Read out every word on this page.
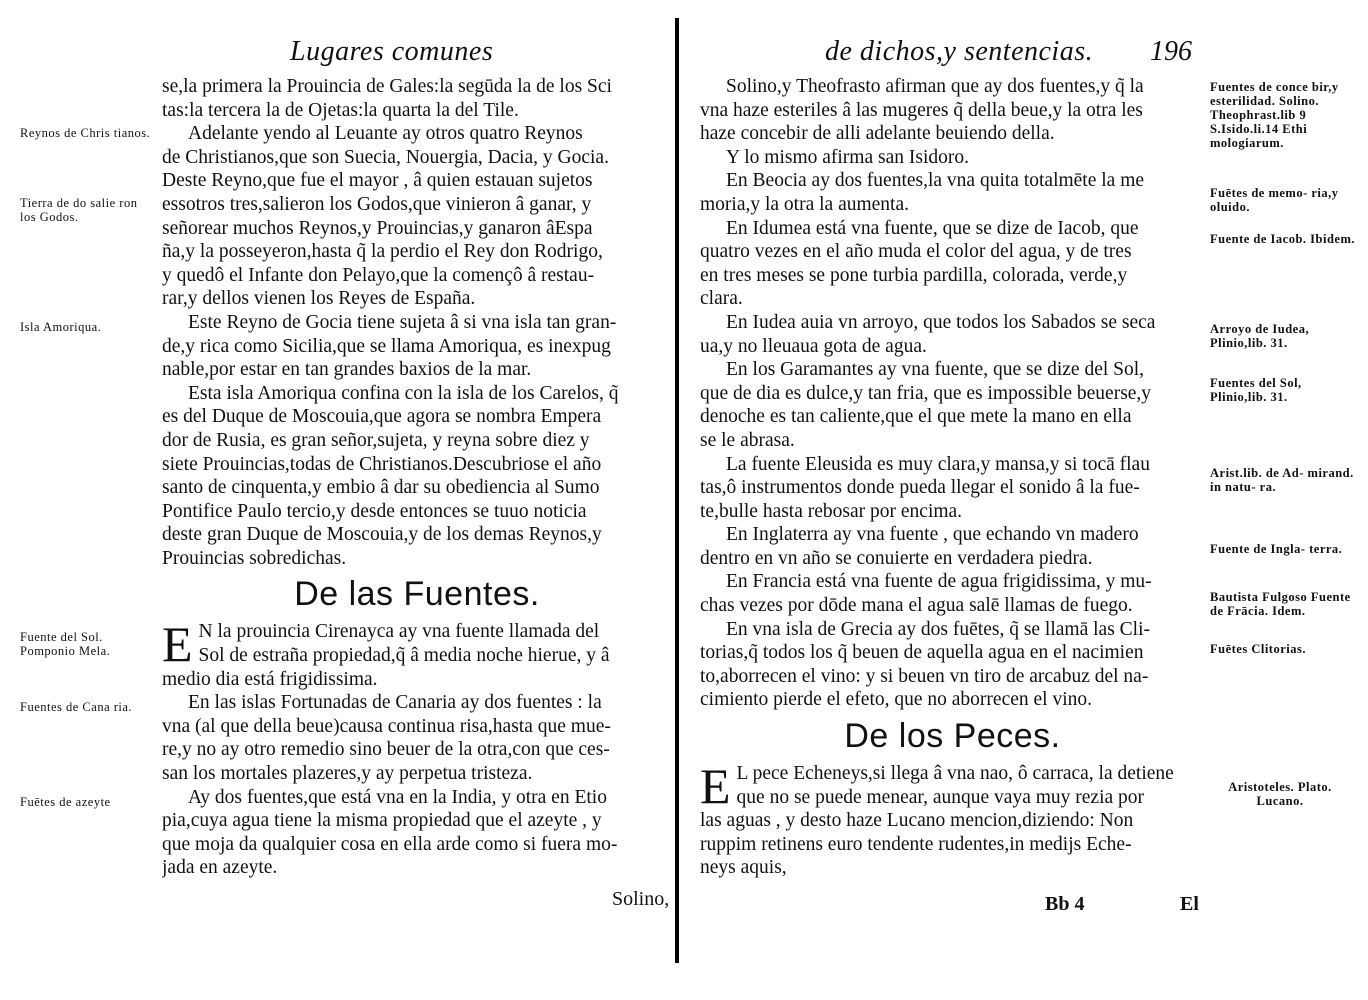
Lugares comunes

se,la primera la Prouincia de Gales:la segūda la de los Sci
tas:la tercera la de Ojetas:la quarta la del Tile.

Adelante yendo al Leuante ay otros quatro Reynos
de Christianos,que son Suecia, Nouergia, Dacia, y Gocia.
Deste Reyno,que fue el mayor , â quien estauan sujetos
essotros tres,salieron los Godos,que vinieron â ganar, y
señorear muchos Reynos,y Prouincias,y ganaron âEspa
ña,y la posseyeron,hasta q̃ la perdio el Rey don Rodrigo,
y quedô el Infante don Pelayo,que la començô â restau-
rar,y dellos vienen los Reyes de España.

Este Reyno de Gocia tiene sujeta â si vna isla tan gran-
de,y rica como Sicilia,que se llama Amoriqua, es inexpug
nable,por estar en tan grandes baxios de la mar.

Esta isla Amoriqua confina con la isla de los Carelos, q̃
es del Duque de Moscouia,que agora se nombra Empera
dor de Rusia, es gran señor,sujeta, y reyna sobre diez y
siete Prouincias,todas de Christianos.Descubriose el año
santo de cinquenta,y embio â dar su obediencia al Sumo
Pontifice Paulo tercio,y desde entonces se tuuo noticia
deste gran Duque de Moscouia,y de los demas Reynos,y
Prouincias sobredichas.

De las Fuentes.

E N la prouincia Cirenayca ay vna fuente llamada del
Sol de estraña propiedad,q̃ â media noche hierue, y â
medio dia está frigidissima.

En las islas Fortunadas de Canaria ay dos fuentes : la
vna (al que della beue)causa continua risa,hasta que mue-
re,y no ay otro remedio sino beuer de la otra,con que ces-
san los mortales plazeres,y ay perpetua tristeza.

Ay dos fuentes,que está vna en la India, y otra en Etio
pia,cuya agua tiene la misma propiedad que el azeyte , y
que moja da qualquier cosa en ella arde como si fuera mo-
jada en azeyte.

Solino,
Reynos de Chris tianos.
Tierra de do salie ron los Godos.
Isla Amoriqua.
Fuente del Sol. Pomponio Mela.
Fuentes de Cana ria.
Fuētes de azeyte
de dichos,y sentencias. 196

Solino,y Theofrasto afirman que ay dos fuentes,y q̃ la
vna haze esteriles â las mugeres q̃ della beue,y la otra les
haze concebir de alli adelante beuiendo della.

Y lo mismo afirma san Isidoro.

En Beocia ay dos fuentes,la vna quita totalmēte la me
moria,y la otra la aumenta.

En Idumea está vna fuente, que se dize de Iacob, que
quatro vezes en el año muda el color del agua, y de tres
en tres meses se pone turbia pardilla, colorada, verde,y
clara.

En Iudea auia vn arroyo, que todos los Sabados se seca
ua,y no lleuaua gota de agua.

En los Garamantes ay vna fuente, que se dize del Sol,
que de dia es dulce,y tan fria, que es impossible beuerse,y
denoche es tan caliente,que el que mete la mano en ella
se le abrasa.

La fuente Eleusida es muy clara,y mansa,y si tocā flau
tas,ô instrumentos donde pueda llegar el sonido â la fue-
te,bulle hasta rebosar por encima.

En Inglaterra ay vna fuente , que echando vn madero
dentro en vn año se conuierte en verdadera piedra.

En Francia está vna fuente de agua frigidissima, y mu-
chas vezes por dōde mana el agua salē llamas de fuego.

En vna isla de Grecia ay dos fuētes, q̃ se llamā las Cli-
torias,q̃ todos los q̃ beuen de aquella agua en el nacimien
to,aborrecen el vino: y si beuen vn tiro de arcabuz del na-
cimiento pierde el efeto, que no aborrecen el vino.

De los Peces.

E L pece Echeneys,si llega â vna nao, ô carraca, la detiene
que no se puede menear, aunque vaya muy rezia por
las aguas , y desto haze Lucano mencion,diziendo: Non
ruppim retinens euro tendente rudentes,in medijs Eche-
neys aquis,

Bb 4	El
Fuentes de conce bir,y esterilidad. Solino. Theophrast.lib 9 S.Isido.li.14 Ethi mologiarum.
Fuētes de memo- ria,y oluido.
Fuente de Iacob. Ibidem.
Arroyo de Iudea, Plinio,lib. 31.
Fuentes del Sol, Plinio,lib. 31.
Arist.lib. de Ad- mirand. in natu- ra.
Fuente de Ingla- terra.
Bautista Fulgoso Fuente de Frācia. Idem.
Fuētes Clitorias.
Aristoteles. Plato. Lucano.
